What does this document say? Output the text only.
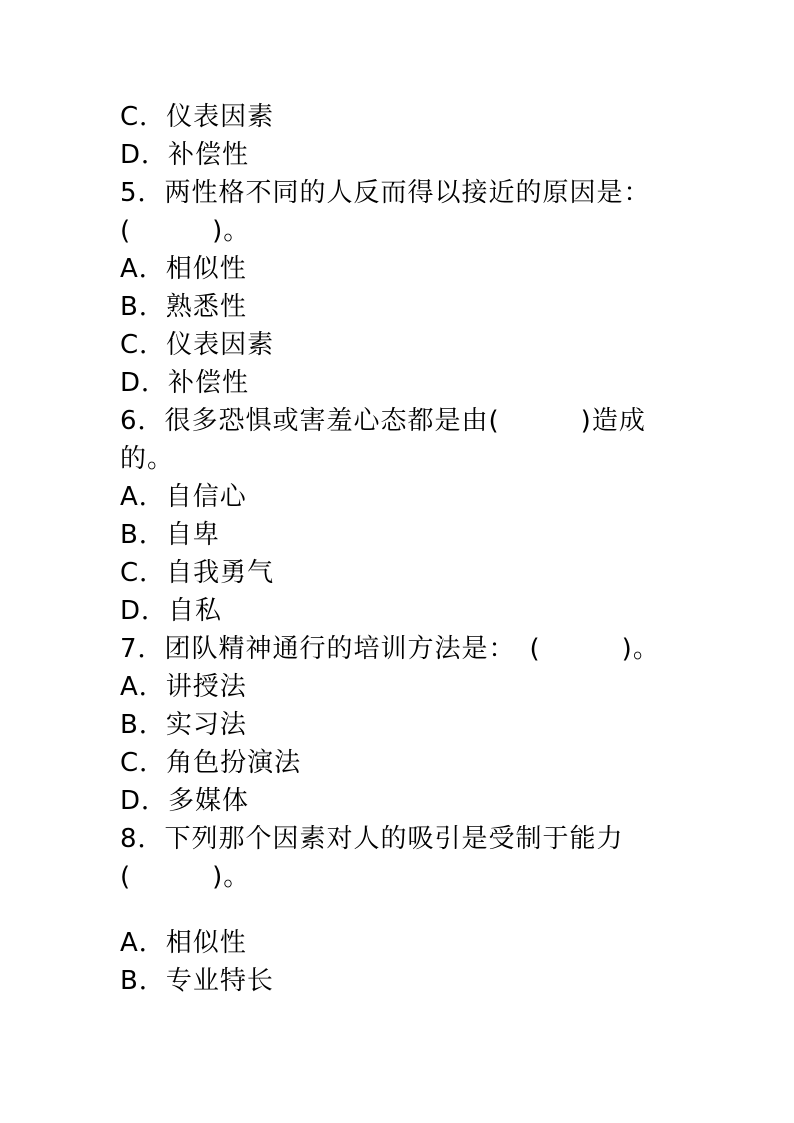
C．仪表因素
D．补偿性
5．两性格不同的人反而得以接近的原因是：
(　　　)。
A．相似性
B．熟悉性
C．仪表因素
D．补偿性
6．很多恐惧或害羞心态都是由(　　　)造成
的。
A．自信心
B．自卑
C．自我勇气
D．自私
7．团队精神通行的培训方法是：　(　　　)。
A．讲授法
B．实习法
C．角色扮演法
D．多媒体
8．下列那个因素对人的吸引是受制于能力
(　　　)。
A．相似性
B．专业特长
